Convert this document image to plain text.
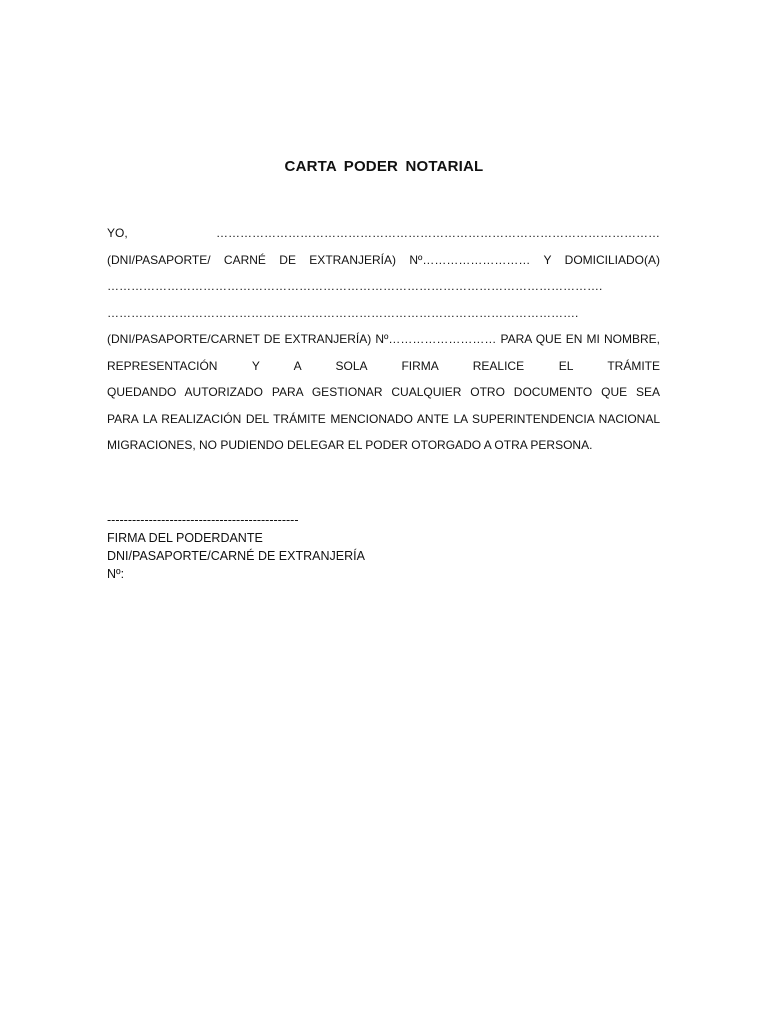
CARTA PODER NOTARIAL
YO, …………………………………………………………………………………………………
(DNI/PASAPORTE/ CARNÉ DE EXTRANJERÍA) Nº……………………… Y DOMICILIADO(A)
…………………………………………………………………………………………………………….
……………………………………………………………………………………………………….
(DNI/PASAPORTE/CARNET DE EXTRANJERÍA) Nº……………………… PARA QUE EN MI NOMBRE,
REPRESENTACIÓN Y A SOLA FIRMA REALICE EL TRÁMITE
QUEDANDO AUTORIZADO PARA GESTIONAR CUALQUIER OTRO DOCUMENTO QUE SEA
PARA LA REALIZACIÓN DEL TRÁMITE MENCIONADO ANTE LA SUPERINTENDENCIA NACIONAL
MIGRACIONES, NO PUDIENDO DELEGAR EL PODER OTORGADO A OTRA PERSONA.
----------------------------------------------
FIRMA DEL PODERDANTE
DNI/PASAPORTE/CARNÉ DE EXTRANJERÍA
Nº:
